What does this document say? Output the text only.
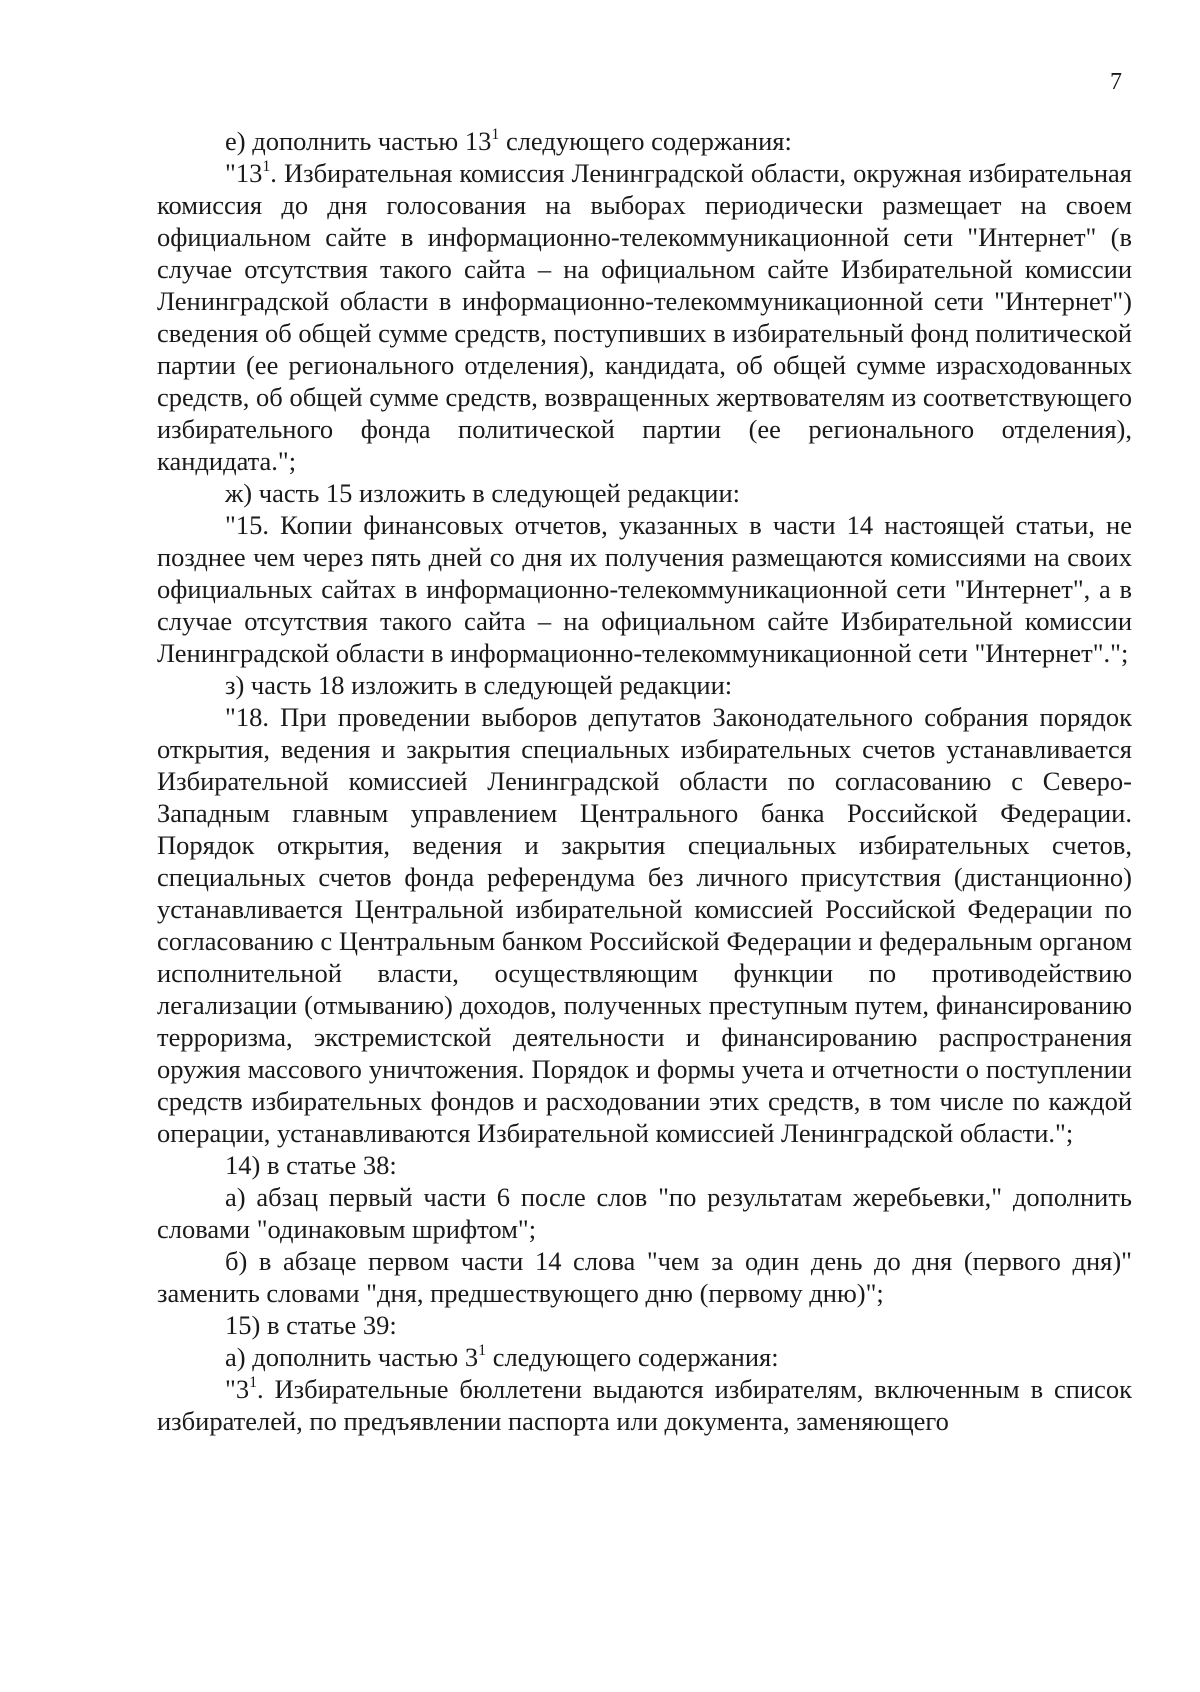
7

е) дополнить частью $13^1$ следующего содержания:

"$13^1$. Избирательная комиссия Ленинградской области, окружная избирательная комиссия до дня голосования на выборах периодически размещает на своем официальном сайте в информационно-телекоммуникационной сети "Интернет" (в случае отсутствия такого сайта – на официальном сайте Избирательной комиссии Ленинградской области в информационно-телекоммуникационной сети "Интернет") сведения об общей сумме средств, поступивших в избирательный фонд политической партии (ее регионального отделения), кандидата, об общей сумме израсходованных средств, об общей сумме средств, возвращенных жертвователям из соответствующего избирательного фонда политической партии (ее регионального отделения), кандидата.";

ж) часть 15 изложить в следующей редакции:

"15. Копии финансовых отчетов, указанных в части 14 настоящей статьи, не позднее чем через пять дней со дня их получения размещаются комиссиями на своих официальных сайтах в информационно-телекоммуникационной сети "Интернет", а в случае отсутствия такого сайта – на официальном сайте Избирательной комиссии Ленинградской области в информационно-телекоммуникационной сети "Интернет".";

з) часть 18 изложить в следующей редакции:

"18. При проведении выборов депутатов Законодательного собрания порядок открытия, ведения и закрытия специальных избирательных счетов устанавливается Избирательной комиссией Ленинградской области по согласованию с Северо-Западным главным управлением Центрального банка Российской Федерации. Порядок открытия, ведения и закрытия специальных избирательных счетов, специальных счетов фонда референдума без личного присутствия (дистанционно) устанавливается Центральной избирательной комиссией Российской Федерации по согласованию с Центральным банком Российской Федерации и федеральным органом исполнительной власти, осуществляющим функции по противодействию легализации (отмыванию) доходов, полученных преступным путем, финансированию терроризма, экстремистской деятельности и финансированию распространения оружия массового уничтожения. Порядок и формы учета и отчетности о поступлении средств избирательных фондов и расходовании этих средств, в том числе по каждой операции, устанавливаются Избирательной комиссией Ленинградской области.";

14) в статье 38:

а) абзац первый части 6 после слов "по результатам жеребьевки," дополнить словами "одинаковым шрифтом";

б) в абзаце первом части 14 слова "чем за один день до дня (первого дня)" заменить словами "дня, предшествующего дню (первому дню)";

15) в статье 39:

а) дополнить частью $3^1$ следующего содержания:

"$3^1$. Избирательные бюллетени выдаются избирателям, включенным в список избирателей, по предъявлении паспорта или документа, заменяющего
